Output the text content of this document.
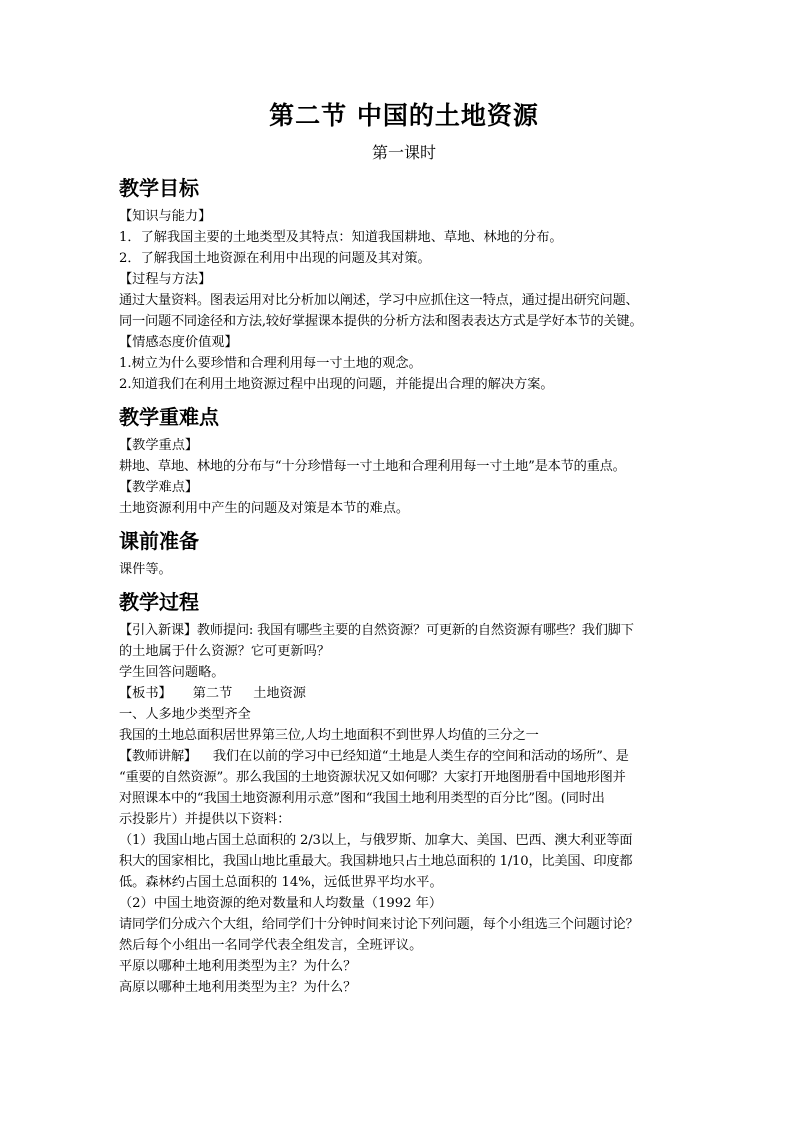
第二节 中国的土地资源
第一课时
教学目标

【知识与能力】

1．了解我国主要的土地类型及其特点：知道我国耕地、草地、林地的分布。

2．了解我国土地资源在利用中出现的问题及其对策。

【过程与方法】

通过大量资料。图表运用对比分析加以阐述，学习中应抓住这一特点，通过提出研究问题、

同一问题不同途径和方法,较好掌握课本提供的分析方法和图表表达方式是学好本节的关键。

【情感态度价值观】

1.树立为什么要珍惜和合理利用每一寸土地的观念。

2.知道我们在利用土地资源过程中出现的问题，并能提出合理的解决方案。

教学重难点

【教学重点】

耕地、草地、林地的分布与“十分珍惜每一寸土地和合理利用每一寸土地”是本节的重点。

【教学难点】

土地资源利用中产生的问题及对策是本节的难点。

课前准备

课件等。

教学过程

【引入新课】教师提问: 我国有哪些主要的自然资源？可更新的自然资源有哪些？我们脚下

的土地属于什么资源？它可更新吗？

学生回答问题略。

【板书】     第二节     土地资源

一、人多地少类型齐全

我国的土地总面积居世界第三位,人均土地面积不到世界人均值的三分之一

【教师讲解】    我们在以前的学习中已经知道“土地是人类生存的空间和活动的场所”、是

“重要的自然资源”。那么我国的土地资源状况又如何哪？大家打开地图册看中国地形图并

对照课本中的“我国土地资源利用示意”图和“我国土地利用类型的百分比”图。(同时出

示投影片）并提供以下资料：

（1）我国山地占国土总面积的 2/3以上，与俄罗斯、加拿大、美国、巴西、澳大利亚等面

积大的国家相比，我国山地比重最大。我国耕地只占土地总面积的 1/10，比美国、印度都

低。森林约占国土总面积的 14%，远低世界平均水平。

（2）中国土地资源的绝对数量和人均数量（1992 年）

请同学们分成六个大组，给同学们十分钟时间来讨论下列问题，每个小组选三个问题讨论？

然后每个小组出一名同学代表全组发言，全班评议。

平原以哪种土地利用类型为主？为什么？

高原以哪种土地利用类型为主？为什么？
